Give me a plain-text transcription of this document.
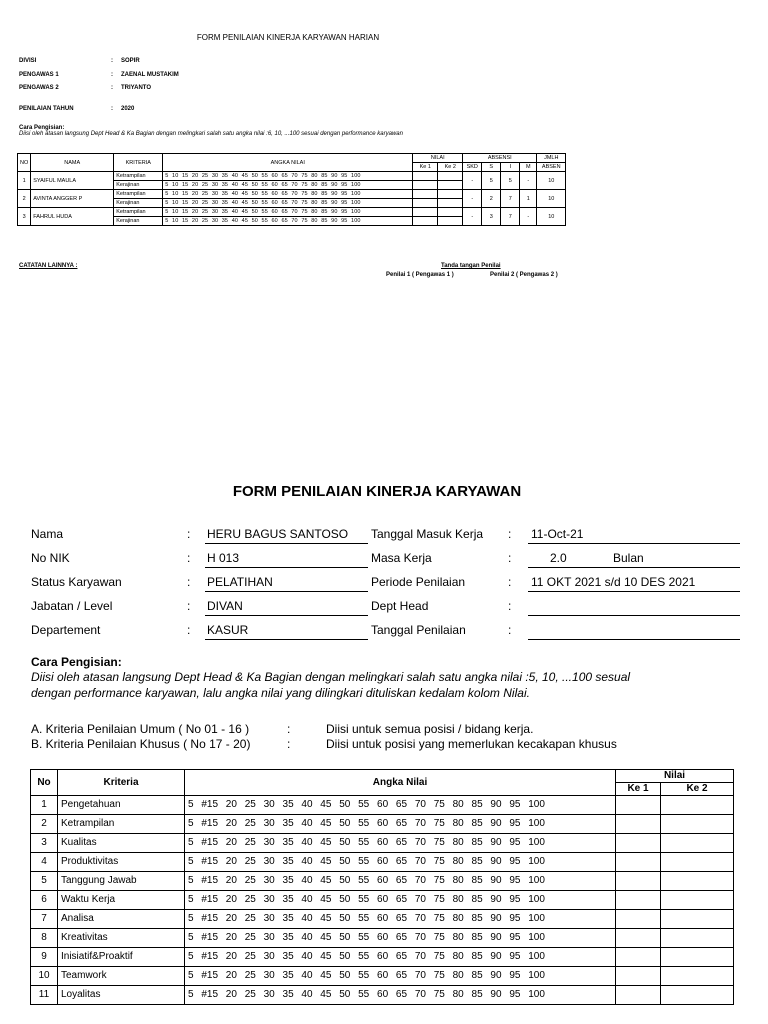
FORM PENILAIAN KINERJA KARYAWAN HARIAN
DIVISI	: SOPIR
PENGAWAS 1	: ZAENAL MUSTAKIM
PENGAWAS 2	: TRIYANTO
PENILAIAN TAHUN	: 2020
Cara Pengisian:
Diisi oleh atasan langsung Dept Head & Ka Bagian dengan melingkari salah satu angka nilai :6, 10, ...100 sesuai dengan performance karyawan
NO	NAMA	KRITERIA	ANGKA NILAI	NILAI		ABSENSI				JMLH
				Ke 1	Ke 2	SKD	S	I	M	ABSEN
1	SYAIFUL MAULA	Ketrampilan	5 10 15 20 25 30 35 40 45 50 55 60 65 70 75 80 85 90 95 100			-	5	5	-	10
		Kerajinan	5 10 15 20 25 30 35 40 45 50 55 60 65 70 75 80 85 90 95 100							
2	AVINTA ANGGER P	Ketrampilan	5 10 15 20 25 30 35 40 45 50 55 60 65 70 75 80 85 90 95 100			-	2	7	1	10
		Kerajinan	5 10 15 20 25 30 35 40 45 50 55 60 65 70 75 80 85 90 95 100							
3	FAHRUL HUDA	Ketrampilan	5 10 15 20 25 30 35 40 45 50 55 60 65 70 75 80 85 90 95 100			-	3	7	-	10
		Kerajinan	5 10 15 20 25 30 35 40 45 50 55 60 65 70 75 80 85 90 95 100							
CATATAN LAINNYA :	Tanda tangan Penilai
Penilai 1 ( Pengawas 1 )	Penilai 2 ( Pengawas 2 )
FORM PENILAIAN KINERJA KARYAWAN
Nama	: HERU BAGUS SANTOSO
No NIK	: H 013
Status Karyawan	: PELATIHAN
Jabatan / Level	: DIVAN
Departement	: KASUR
Tanggal Masuk Kerja : 11-Oct-21
Masa Kerja	:	2.0	Bulan
Periode Penilaian	: 11 OKT 2021 s/d 10 DES 2021
Dept Head	:
Tanggal Penilaian	:
Cara Pengisian:
Diisi oleh atasan langsung Dept Head & Ka Bagian dengan melingkari salah satu angka nilai :5, 10, ...100 sesual
dengan performance karyawan, lalu angka nilai yang dilingkari dituliskan kedalam kolom Nilai.
A. Kriteria Penilaian Umum ( No 01 - 16 )	:	Diisi untuk semua posisi / bidang kerja.
B. Kriteria Penilaian Khusus ( No 17 - 20)	:	Diisi untuk posisi yang memerlukan kecakapan khusus
No	Kriteria	Angka Nilai	Nilai	
			Ke 1	Ke 2
1	Pengetahuan	5 #15 20 25 30 35 40 45 50 55 60 65 70 75 80 85 90 95 100		
2	Ketrampilan	5 #15 20 25 30 35 40 45 50 55 60 65 70 75 80 85 90 95 100		
3	Kualitas	5 #15 20 25 30 35 40 45 50 55 60 65 70 75 80 85 90 95 100		
4	Produktivitas	5 #15 20 25 30 35 40 45 50 55 60 65 70 75 80 85 90 95 100		
5	Tanggung Jawab	5 #15 20 25 30 35 40 45 50 55 60 65 70 75 80 85 90 95 100		
6	Waktu Kerja	5 #15 20 25 30 35 40 45 50 55 60 65 70 75 80 85 90 95 100		
7	Analisa	5 #15 20 25 30 35 40 45 50 55 60 65 70 75 80 85 90 95 100		
8	Kreativitas	5 #15 20 25 30 35 40 45 50 55 60 65 70 75 80 85 90 95 100		
9	Inisiatif&Proaktif	5 #15 20 25 30 35 40 45 50 55 60 65 70 75 80 85 90 95 100		
10	Teamwork	5 #15 20 25 30 35 40 45 50 55 60 65 70 75 80 85 90 95 100		
11	Loyalitas	5 #15 20 25 30 35 40 45 50 55 60 65 70 75 80 85 90 95 100		
